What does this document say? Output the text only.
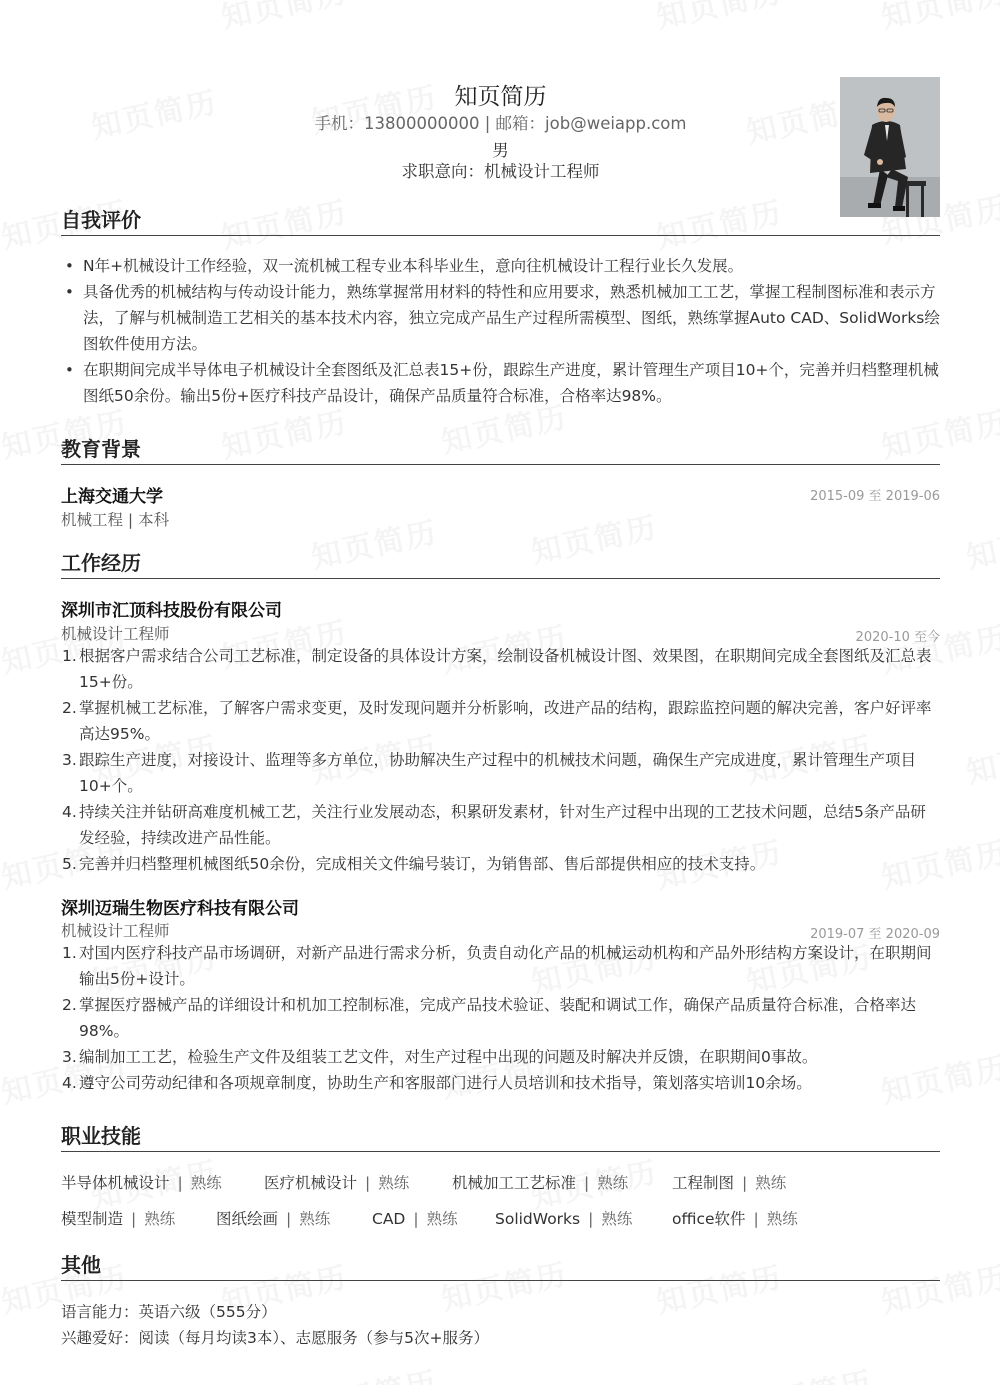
知页简历
手机：13800000000 | 邮箱：job@weiapp.com
男
求职意向：机械设计工程师
自我评价
• N年+机械设计工作经验，双一流机械工程专业本科毕业生，意向往机械设计工程行业长久发展。
• 具备优秀的机械结构与传动设计能力，熟练掌握常用材料的特性和应用要求，熟悉机械加工工艺，掌握工程制图标准和表示方法，了解与机械制造工艺相关的基本技术内容，独立完成产品生产过程所需模型、图纸，熟练掌握Auto CAD、SolidWorks绘图软件使用方法。
• 在职期间完成半导体电子机械设计全套图纸及汇总表15+份，跟踪生产进度，累计管理生产项目10+个，完善并归档整理机械图纸50余份。输出5份+医疗科技产品设计，确保产品质量符合标准，合格率达98%。
教育背景
上海交通大学	2015-09 至 2019-06
机械工程 | 本科
工作经历
深圳市汇顶科技股份有限公司
机械设计工程师	2020-10 至今
1. 根据客户需求结合公司工艺标准，制定设备的具体设计方案，绘制设备机械设计图、效果图，在职期间完成全套图纸及汇总表15+份。
2. 掌握机械工艺标准，了解客户需求变更，及时发现问题并分析影响，改进产品的结构，跟踪监控问题的解决完善，客户好评率高达95%。
3. 跟踪生产进度，对接设计、监理等多方单位，协助解决生产过程中的机械技术问题，确保生产完成进度，累计管理生产项目10+个。
4. 持续关注并钻研高难度机械工艺，关注行业发展动态，积累研发素材，针对生产过程中出现的工艺技术问题，总结5条产品研发经验，持续改进产品性能。
5. 完善并归档整理机械图纸50余份，完成相关文件编号装订，为销售部、售后部提供相应的技术支持。
深圳迈瑞生物医疗科技有限公司
机械设计工程师	2019-07 至 2020-09
1. 对国内医疗科技产品市场调研，对新产品进行需求分析，负责自动化产品的机械运动机构和产品外形结构方案设计，在职期间输出5份+设计。
2. 掌握医疗器械产品的详细设计和机加工控制标准，完成产品技术验证、装配和调试工作，确保产品质量符合标准，合格率达98%。
3. 编制加工工艺，检验生产文件及组装工艺文件，对生产过程中出现的问题及时解决并反馈，在职期间0事故。
4. 遵守公司劳动纪律和各项规章制度，协助生产和客服部门进行人员培训和技术指导，策划落实培训10余场。
职业技能
半导体机械设计 | 熟练	医疗机械设计 | 熟练	机械加工工艺标准 | 熟练	工程制图 | 熟练
模型制造 | 熟练	图纸绘画 | 熟练	CAD | 熟练 SolidWorks | 熟练	office软件 | 熟练
其他
语言能力：英语六级（555分）
兴趣爱好：阅读（每月均读3本）、志愿服务（参与5次+服务）
